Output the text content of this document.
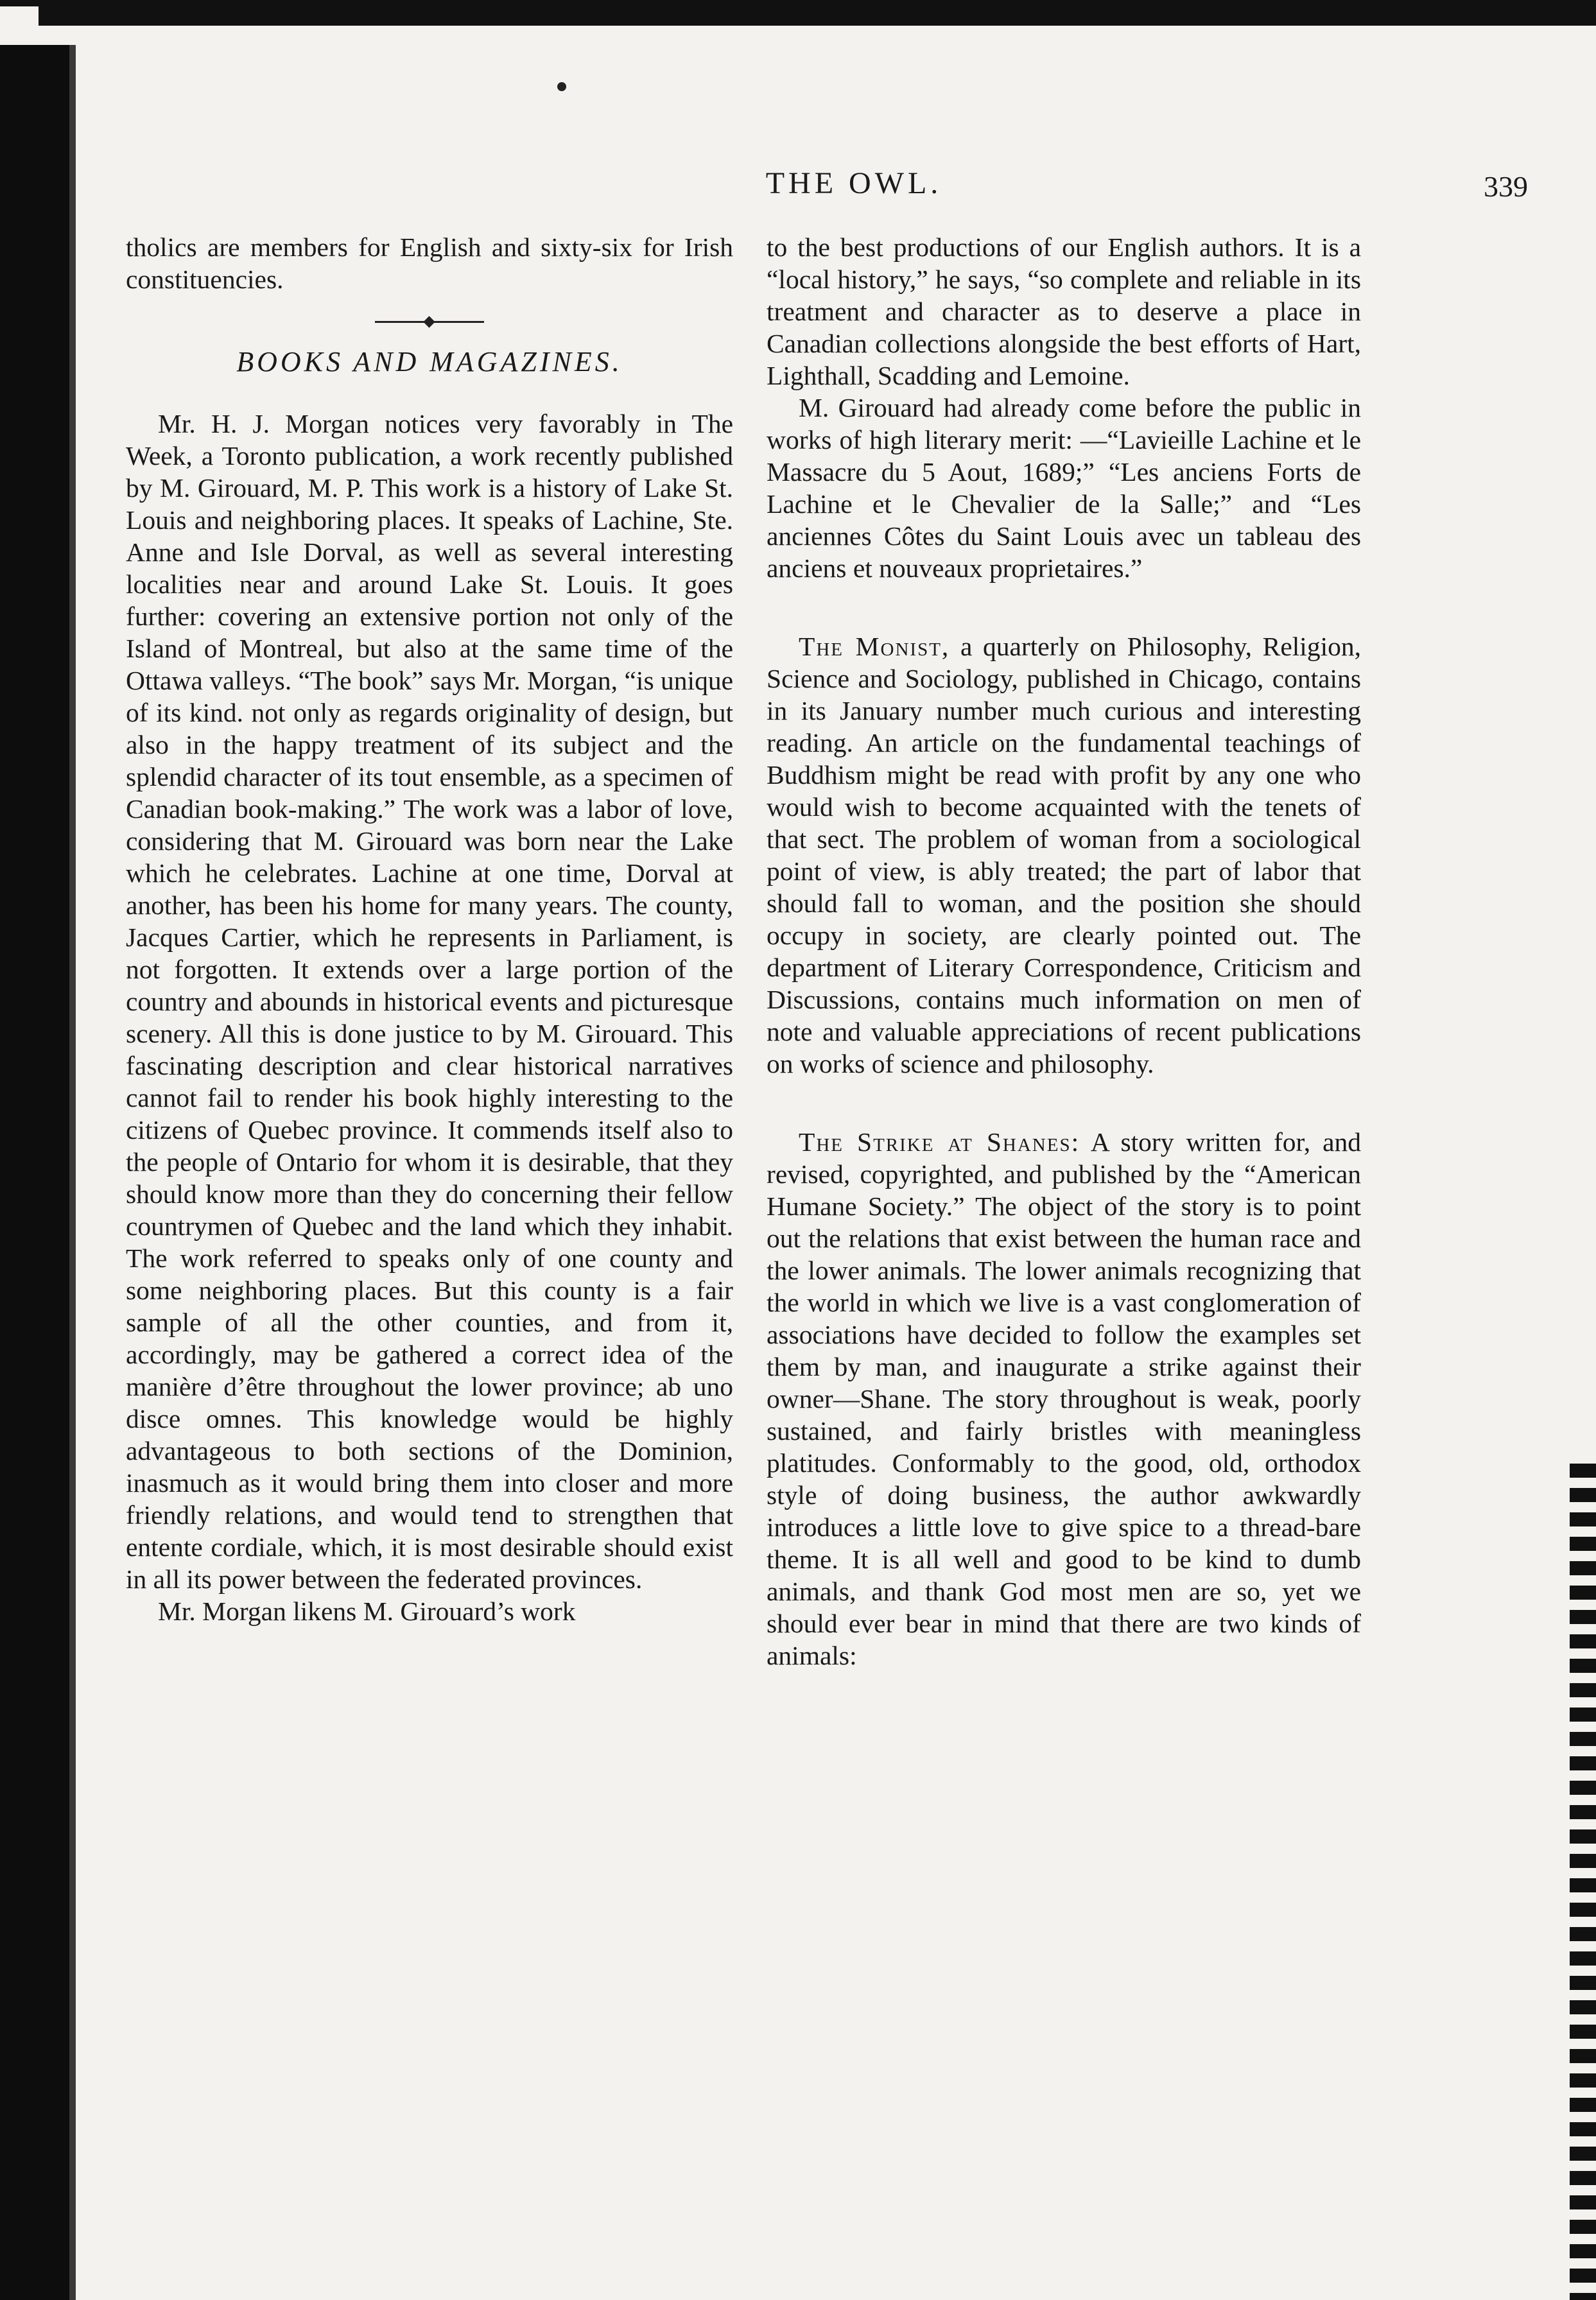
THE OWL.	339

tholics are members for English and sixty-six for Irish constituencies.

BOOKS AND MAGAZINES.

Mr. H. J. Morgan notices very favorably in The Week, a Toronto publication, a work recently published by M. Girouard, M. P. This work is a history of Lake St. Louis and neighboring places. It speaks of Lachine, Ste. Anne and Isle Dorval, as well as several interesting localities near and around Lake St. Louis. It goes further: covering an extensive portion not only of the Island of Montreal, but also at the same time of the Ottawa valleys. “The book” says Mr. Morgan, “is unique of its kind. not only as regards originality of design, but also in the happy treatment of its subject and the splendid character of its tout ensemble, as a specimen of Canadian book-making.” The work was a labor of love, considering that M. Girouard was born near the Lake which he celebrates. Lachine at one time, Dorval at another, has been his home for many years. The county, Jacques Cartier, which he represents in Parliament, is not forgotten. It extends over a large portion of the country and abounds in historical events and picturesque scenery. All this is done justice to by M. Girouard. This fascinating description and clear historical narratives cannot fail to render his book highly interesting to the citizens of Quebec province. It commends itself also to the people of Ontario for whom it is desirable, that they should know more than they do concerning their fellow countrymen of Quebec and the land which they inhabit. The work referred to speaks only of one county and some neighboring places. But this county is a fair sample of all the other counties, and from it, accordingly, may be gathered a correct idea of the manière d’être throughout the lower province; ab uno disce omnes. This knowledge would be highly advantageous to both sections of the Dominion, inasmuch as it would bring them into closer and more friendly relations, and would tend to strengthen that entente cordiale, which, it is most desirable should exist in all its power between the federated provinces.

Mr. Morgan likens M. Girouard’s work

to the best productions of our English authors. It is a “local history,” he says, “so complete and reliable in its treatment and character as to deserve a place in Canadian collections alongside the best efforts of Hart, Lighthall, Scadding and Lemoine.

M. Girouard had already come before the public in works of high literary merit: —“Lavieille Lachine et le Massacre du 5 Aout, 1689;” “Les anciens Forts de Lachine et le Chevalier de la Salle;” and “Les anciennes Côtes du Saint Louis avec un tableau des anciens et nouveaux proprietaires.”

The Monist, a quarterly on Philosophy, Religion, Science and Sociology, published in Chicago, contains in its January number much curious and interesting reading. An article on the fundamental teachings of Buddhism might be read with profit by any one who would wish to become acquainted with the tenets of that sect. The problem of woman from a sociological point of view, is ably treated; the part of labor that should fall to woman, and the position she should occupy in society, are clearly pointed out. The department of Literary Correspondence, Criticism and Discussions, contains much information on men of note and valuable appreciations of recent publications on works of science and philosophy.

The Strike at Shanes: A story written for, and revised, copyrighted, and published by the “American Humane Society.” The object of the story is to point out the relations that exist between the human race and the lower animals. The lower animals recognizing that the world in which we live is a vast conglomeration of associations have decided to follow the examples set them by man, and inaugurate a strike against their owner—Shane. The story throughout is weak, poorly sustained, and fairly bristles with meaningless platitudes. Conformably to the good, old, orthodox style of doing business, the author awkwardly introduces a little love to give spice to a thread-bare theme. It is all well and good to be kind to dumb animals, and thank God most men are so, yet we should ever bear in mind that there are two kinds of animals:
